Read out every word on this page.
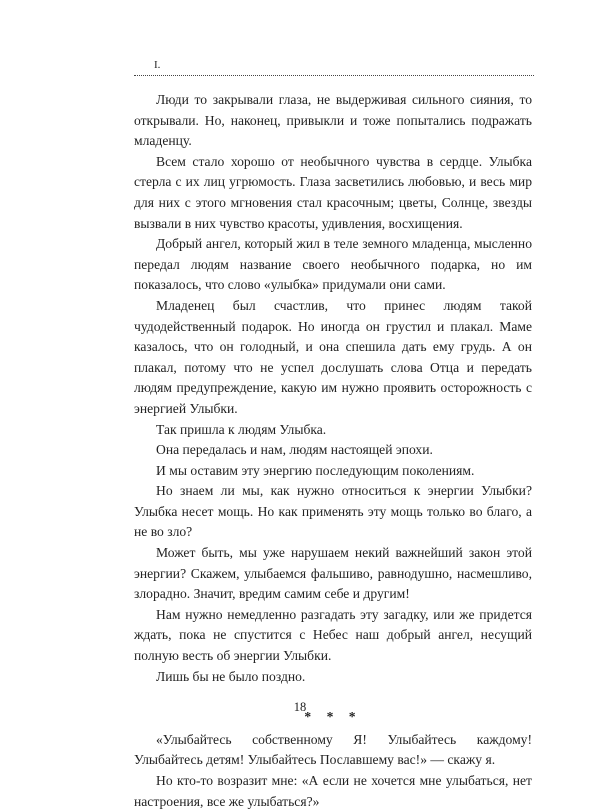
I.

Люди то закрывали глаза, не выдерживая сильного сияния, то открывали. Но, наконец, привыкли и тоже попытались подражать младенцу.

Всем стало хорошо от необычного чувства в сердце. Улыбка стерла с их лиц угрюмость. Глаза засветились любовью, и весь мир для них с этого мгновения стал красочным; цветы, Солнце, звезды вызвали в них чувство красоты, удивления, восхищения.

Добрый ангел, который жил в теле земного младенца, мысленно передал людям название своего необычного подарка, но им показалось, что слово «улыбка» придумали они сами.

Младенец был счастлив, что принес людям такой чудодейственный подарок. Но иногда он грустил и плакал. Маме казалось, что он голодный, и она спешила дать ему грудь. А он плакал, потому что не успел дослушать слова Отца и передать людям предупреждение, какую им нужно проявить осторожность с энергией Улыбки.

Так пришла к людям Улыбка.

Она передалась и нам, людям настоящей эпохи.

И мы оставим эту энергию последующим поколениям.

Но знаем ли мы, как нужно относиться к энергии Улыбки? Улыбка несет мощь. Но как применять эту мощь только во благо, а не во зло?

Может быть, мы уже нарушаем некий важнейший закон этой энергии? Скажем, улыбаемся фальшиво, равнодушно, насмешливо, злорадно. Значит, вредим самим себе и другим!

Нам нужно немедленно разгадать эту загадку, или же придется ждать, пока не спустится с Небес наш добрый ангел, несущий полную весть об энергии Улыбки.

Лишь бы не было поздно.

* * *

«Улыбайтесь собственному Я! Улыбайтесь каждому! Улыбайтесь детям! Улыбайтесь Пославшему вас!» — скажу я.

Но кто-то возразит мне: «А если не хочется мне улыбаться, нет настроения, все же улыбаться?»

18
